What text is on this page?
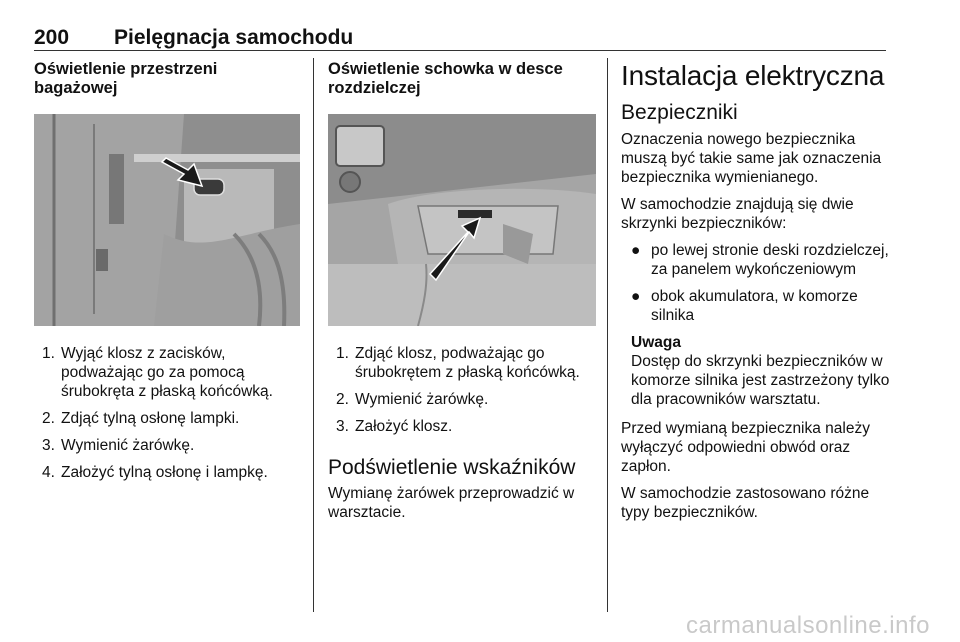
200 Pielęgnacja samochodu
Oświetlenie przestrzeni
bagażowej
1. Wyjąć klosz z zacisków, podważając go za pomocą śrubokręta z płaską końcówką.
2. Zdjąć tylną osłonę lampki.
3. Wymienić żarówkę.
4. Założyć tylną osłonę i lampkę.
Oświetlenie schowka w desce
rozdzielczej
1. Zdjąć klosz, podważając go śrubokrętem z płaską końcówką.
2. Wymienić żarówkę.
3. Założyć klosz.
Podświetlenie wskaźników

Wymianę żarówek przeprowadzić w warsztacie.

Instalacja elektryczna
Bezpieczniki

Oznaczenia nowego bezpiecznika muszą być takie same jak oznaczenia bezpiecznika wymienianego.

W samochodzie znajdują się dwie skrzynki bezpieczników:

● po lewej stronie deski rozdzielczej, za panelem wykończeniowym
● obok akumulatora, w komorze silnika
Uwaga
Dostęp do skrzynki bezpieczników w komorze silnika jest zastrzeżony tylko dla pracowników warsztatu.

Przed wymianą bezpiecznika należy wyłączyć odpowiedni obwód oraz zapłon.

W samochodzie zastosowano różne typy bezpieczników.

carmanualsonline.info
